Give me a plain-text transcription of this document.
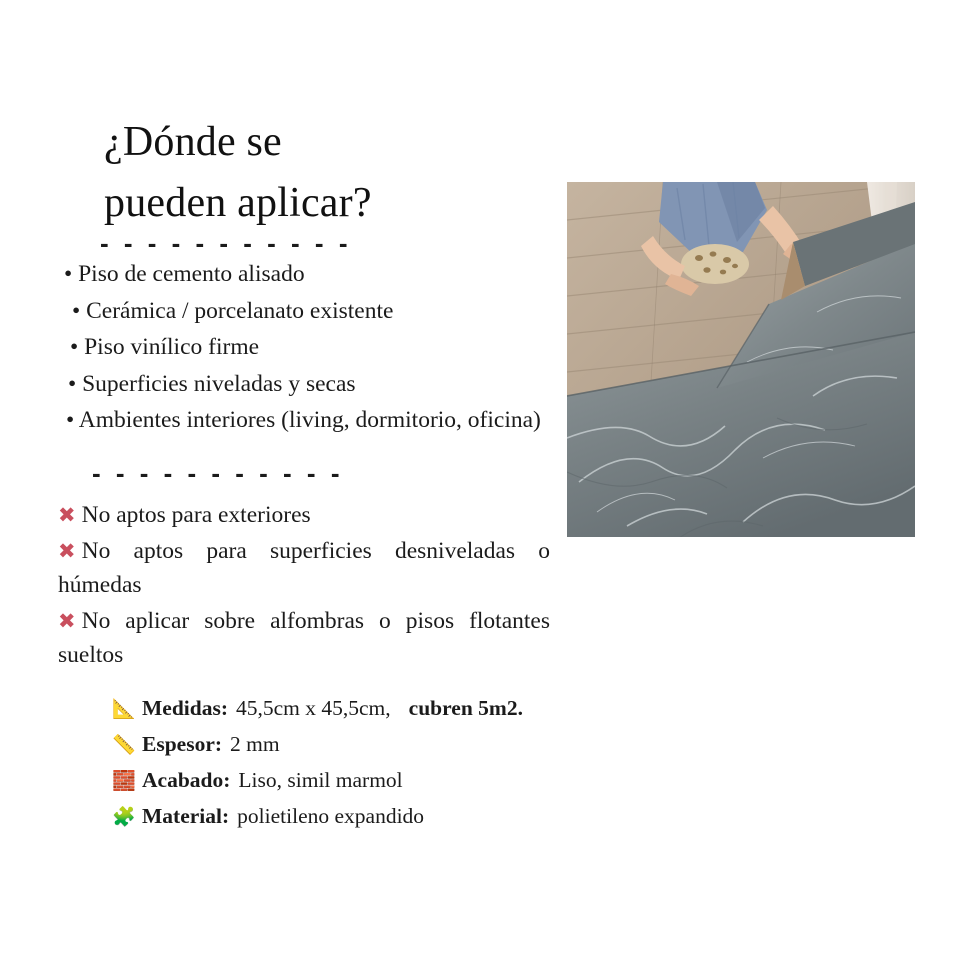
¿Dónde se
pueden aplicar?
- - - - - - - - - - -
• Piso de cemento alisado
• Cerámica / porcelanato existente
• Piso vinílico firme
• Superficies niveladas y secas
• Ambientes interiores (living, dormitorio, oficina)
- - - - - - - - - - -
✖ No aptos para exteriores
✖ No aptos para superficies desniveladas o húmedas
✖ No aplicar sobre alfombras o pisos flotantes sueltos
📐 Medidas: 45,5cm x 45,5cm, cubren 5m2.
📏 Espesor: 2 mm
🧱 Acabado: Liso, simil marmol
🧩 Material: polietileno expandido
